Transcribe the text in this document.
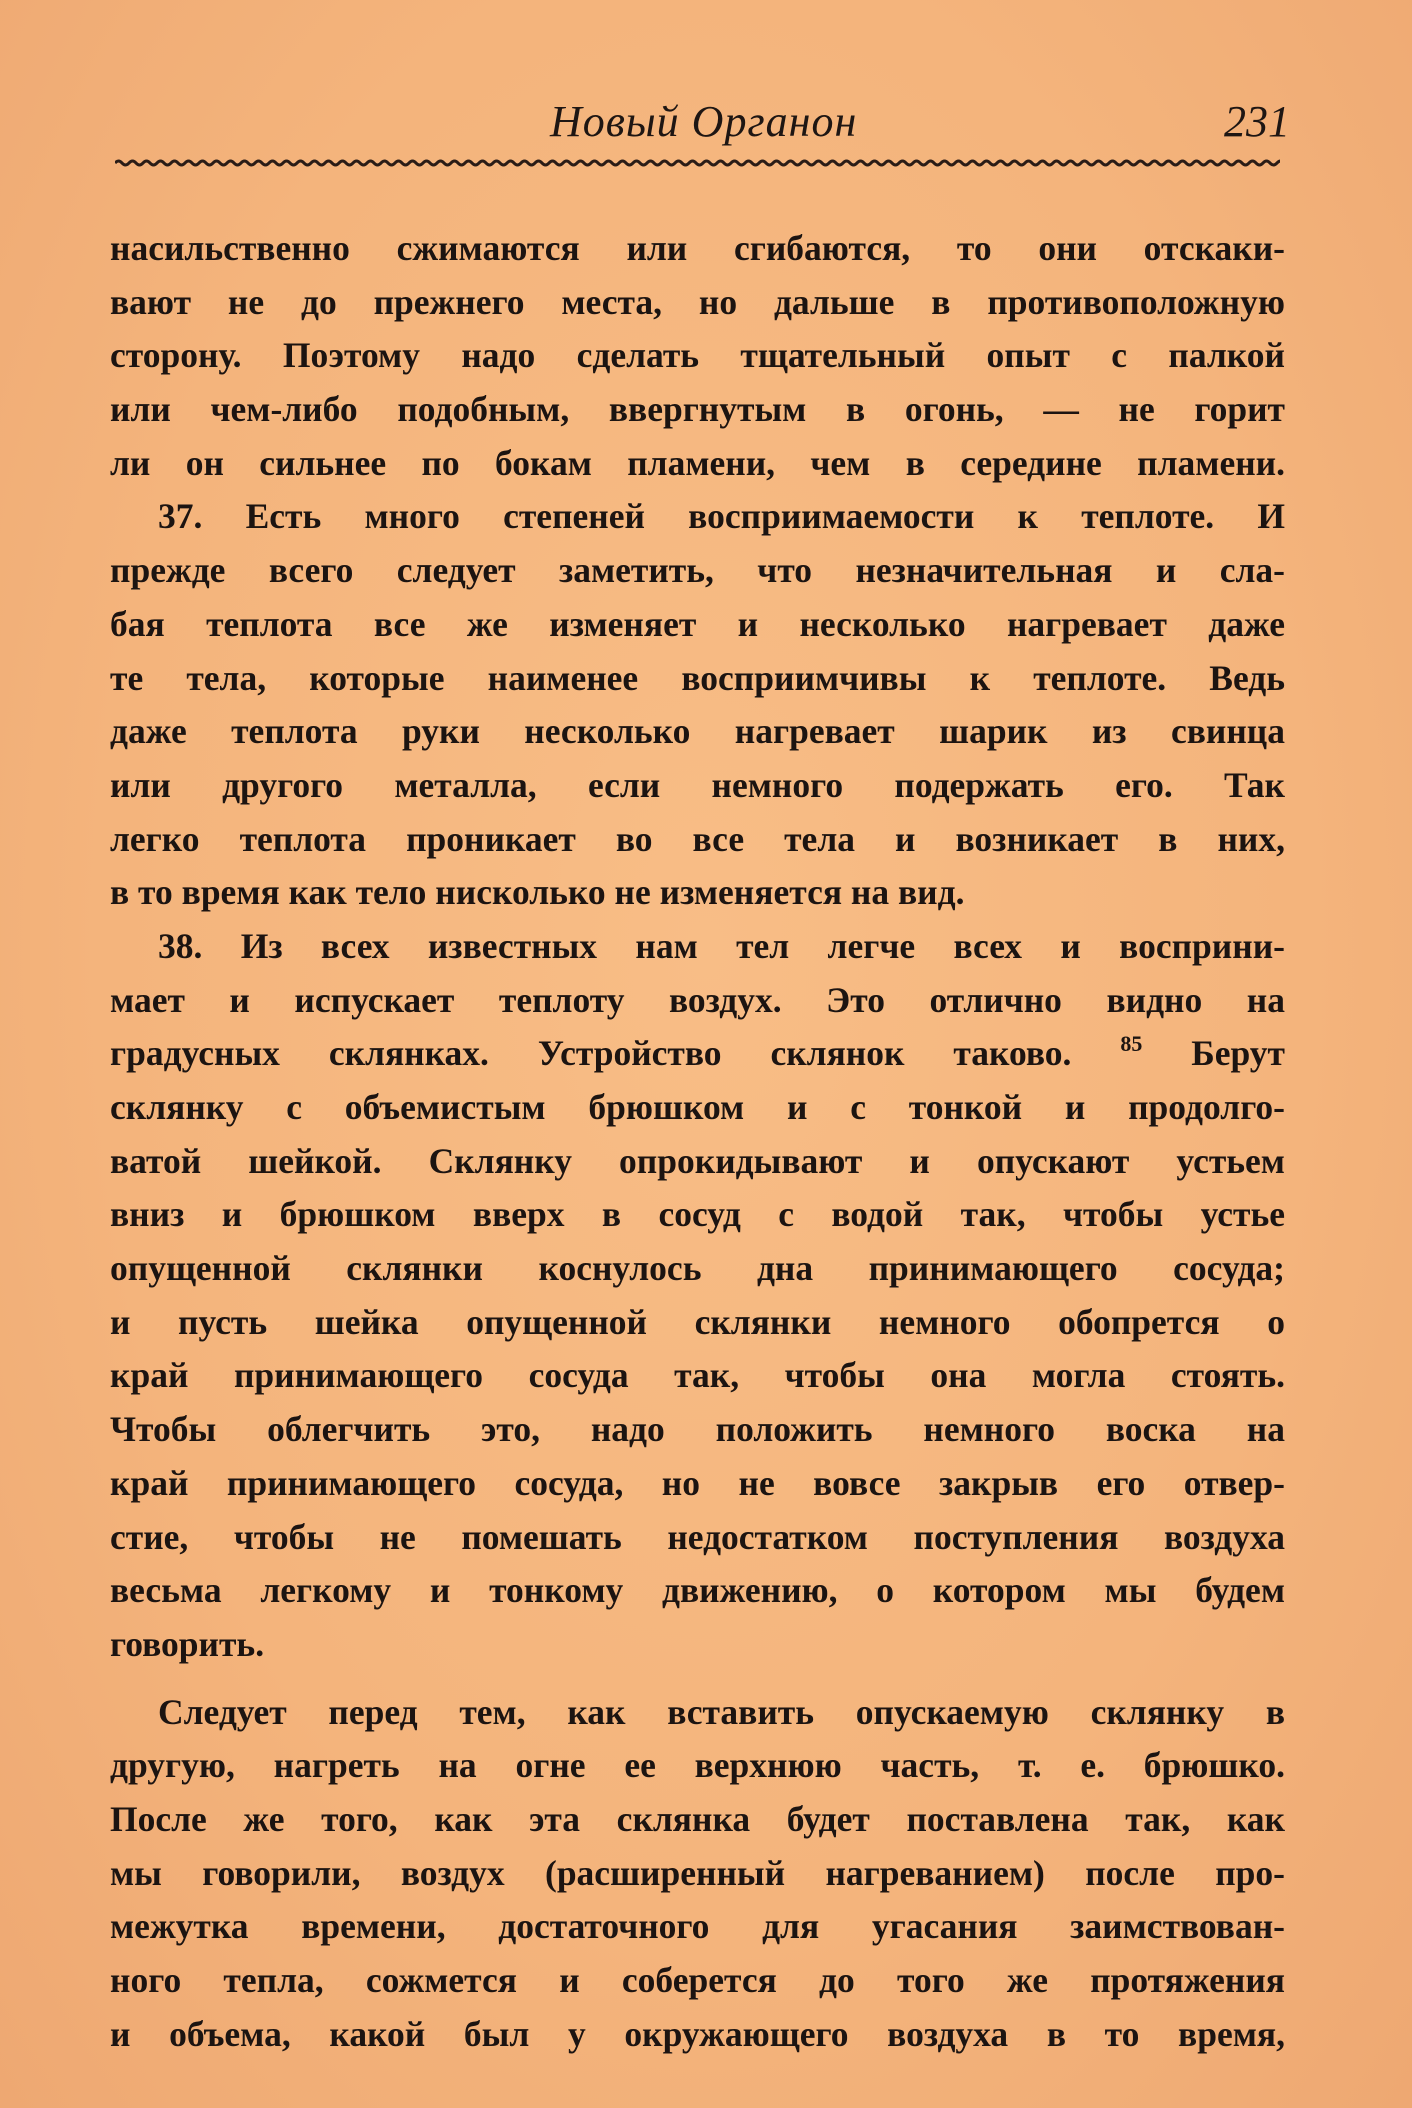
Новый Органон	231
насильственно сжимаются или сгибаются, то они отскаки-
вают не до прежнего места, но дальше в противоположную
сторону. Поэтому надо сделать тщательный опыт с палкой
или чем-либо подобным, ввергнутым в огонь, — не горит
ли он сильнее по бокам пламени, чем в середине пламени.
37. Есть много степеней восприимаемости к теплоте. И
прежде всего следует заметить, что незначительная и сла-
бая теплота все же изменяет и несколько нагревает даже
те тела, которые наименее восприимчивы к теплоте. Ведь
даже теплота руки несколько нагревает шарик из свинца
или другого металла, если немного подержать его. Так
легко теплота проникает во все тела и возникает в них,
в то время как тело нисколько не изменяется на вид.
38. Из всех известных нам тел легче всех и восприни-
мает и испускает теплоту воздух. Это отлично видно на
градусных склянках. Устройство склянок таково. $^{85}$ Берут
склянку с объемистым брюшком и с тонкой и продолго-
ватой шейкой. Склянку опрокидывают и опускают устьем
вниз и брюшком вверх в сосуд с водой так, чтобы устье
опущенной склянки коснулось дна принимающего сосуда;
и пусть шейка опущенной склянки немного обопрется о
край принимающего сосуда так, чтобы она могла стоять.
Чтобы облегчить это, надо положить немного воска на
край принимающего сосуда, но не вовсе закрыв его отвер-
стие, чтобы не помешать недостатком поступления воздуха
весьма легкому и тонкому движению, о котором мы будем
говорить.
Следует перед тем, как вставить опускаемую склянку в
другую, нагреть на огне ее верхнюю часть, т. е. брюшко.
После же того, как эта склянка будет поставлена так, как
мы говорили, воздух (расширенный нагреванием) после про-
межутка времени, достаточного для угасания заимствован-
ного тепла, сожмется и соберется до того же протяжения
и объема, какой был у окружающего воздуха в то время,
